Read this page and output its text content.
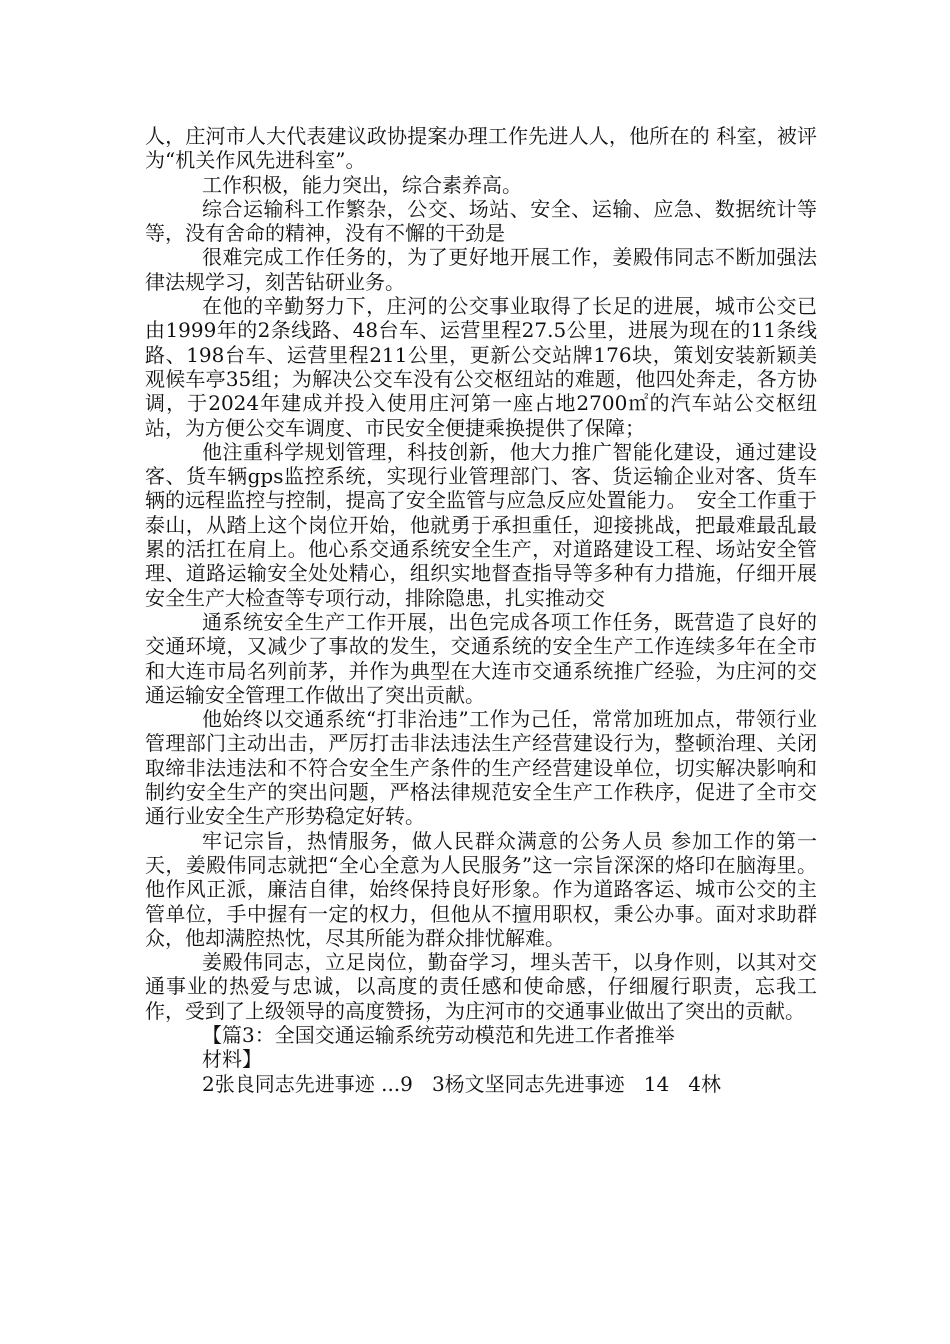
人，庄河市人大代表建议政协提案办理工作先进人人，他所在的 科室，被评为“机关作风先进科室”。

工作积极，能力突出，综合素养高。

综合运输科工作繁杂，公交、场站、安全、运输、应急、数据统计等等，没有舍命的精神，没有不懈的干劲是

很难完成工作任务的，为了更好地开展工作，姜殿伟同志不断加强法律法规学习，刻苦钻研业务。

在他的辛勤努力下，庄河的公交事业取得了长足的进展，城市公交已由1999年的2条线路、48台车、运营里程27.5公里，进展为现在的11条线路、198台车、运营里程211公里，更新公交站牌176块，策划安装新颖美观候车亭35组；为解决公交车没有公交枢纽站的难题，他四处奔走，各方协调，于2024年建成并投入使用庄河第一座占地2700㎡的汽车站公交枢纽站，为方便公交车调度、市民安全便捷乘换提供了保障；

他注重科学规划管理，科技创新，他大力推广智能化建设，通过建设客、货车辆gps监控系统，实现行业管理部门、客、货运输企业对客、货车辆的远程监控与控制，提高了安全监管与应急反应处置能力。　安全工作重于泰山，从踏上这个岗位开始，他就勇于承担重任，迎接挑战，把最难最乱最累的活扛在肩上。他心系交通系统安全生产，对道路建设工程、场站安全管理、道路运输安全处处精心，组织实地督查指导等多种有力措施，仔细开展安全生产大检查等专项行动，排除隐患，扎实推动交

通系统安全生产工作开展，出色完成各项工作任务，既营造了良好的交通环境，又减少了事故的发生，交通系统的安全生产工作连续多年在全市和大连市局名列前茅，并作为典型在大连市交通系统推广经验，为庄河的交通运输安全管理工作做出了突出贡献。

他始终以交通系统“打非治违”工作为己任，常常加班加点，带领行业管理部门主动出击，严厉打击非法违法生产经营建设行为，整顿治理、关闭取缔非法违法和不符合安全生产条件的生产经营建设单位，切实解决影响和制约安全生产的突出问题，严格法律规范安全生产工作秩序，促进了全市交通行业安全生产形势稳定好转。

牢记宗旨，热情服务，做人民群众满意的公务人员 参加工作的第一天，姜殿伟同志就把“全心全意为人民服务”这一宗旨深深的烙印在脑海里。他作风正派，廉洁自律，始终保持良好形象。作为道路客运、城市公交的主管单位，手中握有一定的权力，但他从不擅用职权，秉公办事。面对求助群众，他却满腔热忱，尽其所能为群众排忧解难。

姜殿伟同志，立足岗位，勤奋学习，埋头苦干，以身作则，以其对交通事业的热爱与忠诚，以高度的责任感和使命感，仔细履行职责，忘我工作，受到了上级领导的高度赞扬，为庄河市的交通事业做出了突出的贡献。

【篇3：全国交通运输系统劳动模范和先进工作者推举

材料】

2张良同志先进事迹 ...9   3杨文坚同志先进事迹   14   4林
